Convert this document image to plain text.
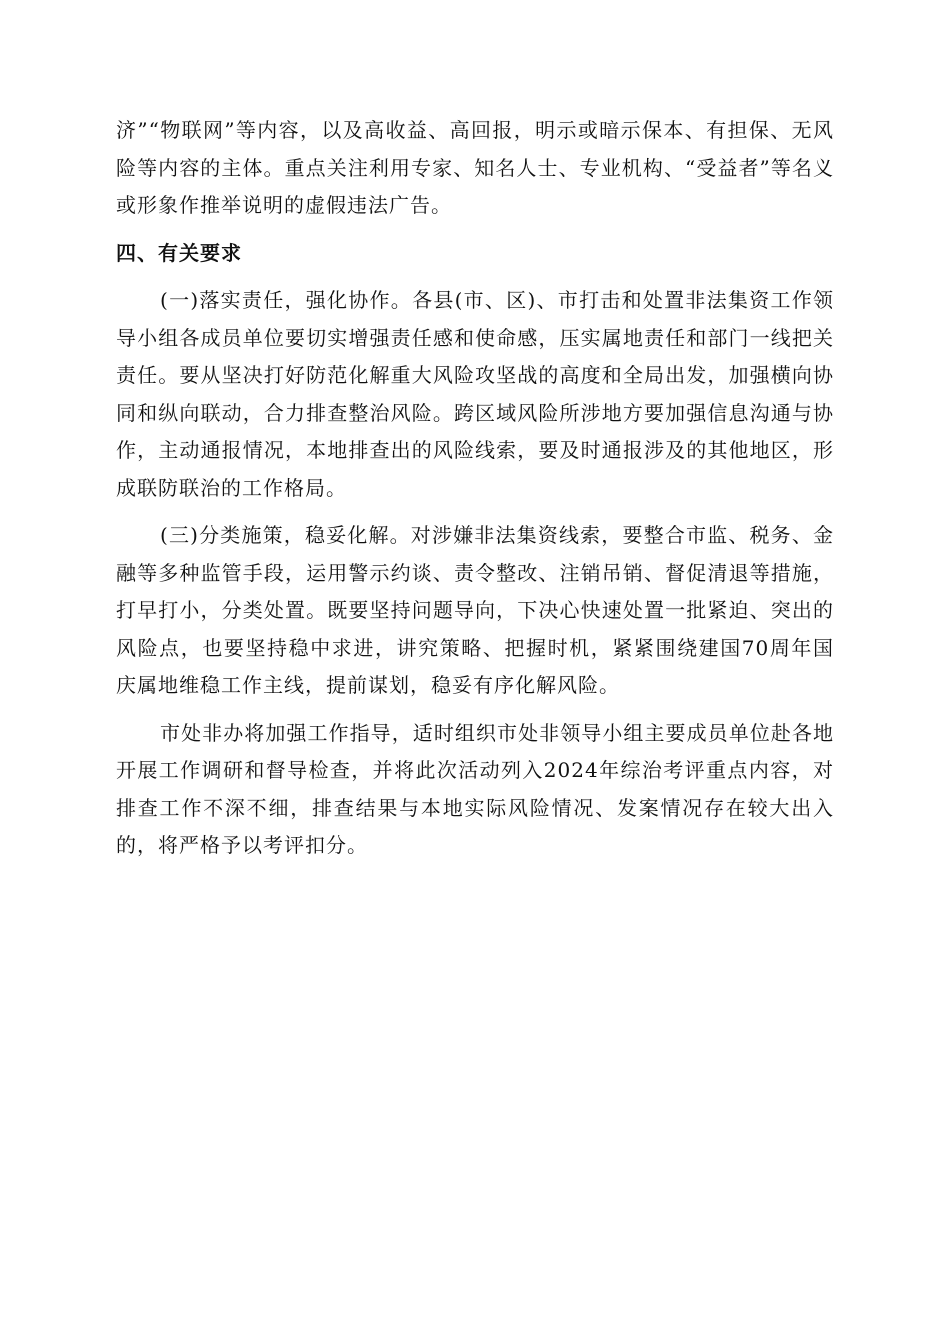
济”“物联网”等内容，以及高收益、高回报，明示或暗示保本、有担保、无风险等内容的主体。重点关注利用专家、知名人士、专业机构、“受益者”等名义或形象作推举说明的虚假违法广告。

四、有关要求

(一)落实责任，强化协作。各县(市、区)、市打击和处置非法集资工作领导小组各成员单位要切实增强责任感和使命感，压实属地责任和部门一线把关责任。要从坚决打好防范化解重大风险攻坚战的高度和全局出发，加强横向协同和纵向联动，合力排查整治风险。跨区域风险所涉地方要加强信息沟通与协作，主动通报情况，本地排查出的风险线索，要及时通报涉及的其他地区，形成联防联治的工作格局。

(三)分类施策，稳妥化解。对涉嫌非法集资线索，要整合市监、税务、金融等多种监管手段，运用警示约谈、责令整改、注销吊销、督促清退等措施，打早打小，分类处置。既要坚持问题导向，下决心快速处置一批紧迫、突出的风险点，也要坚持稳中求进，讲究策略、把握时机，紧紧围绕建国70周年国庆属地维稳工作主线，提前谋划，稳妥有序化解风险。

市处非办将加强工作指导，适时组织市处非领导小组主要成员单位赴各地开展工作调研和督导检查，并将此次活动列入2024年综治考评重点内容，对排查工作不深不细，排查结果与本地实际风险情况、发案情况存在较大出入的，将严格予以考评扣分。
